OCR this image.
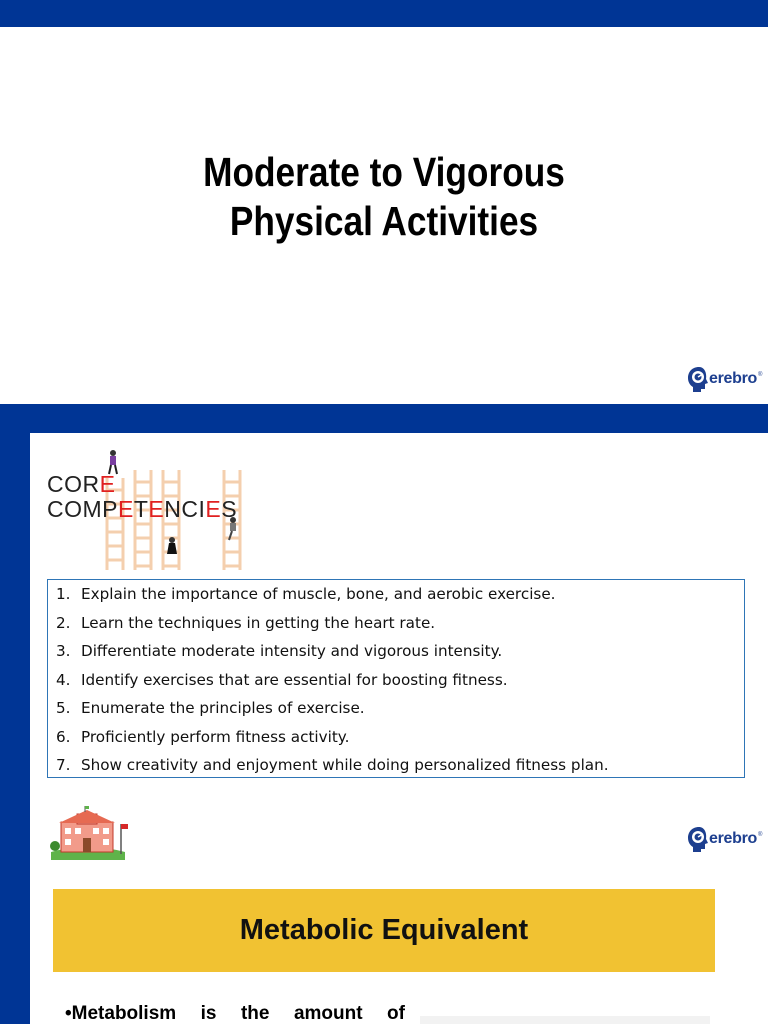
Moderate to Vigorous
Physical Activities
erebro ®
CORE
COMPETENCIES
1. Explain the importance of muscle, bone, and aerobic exercise.
2. Learn the techniques in getting the heart rate.
3. Differentiate moderate intensity and vigorous intensity.
4. Identify exercises that are essential for boosting fitness.
5. Enumerate the principles of exercise.
6. Proficiently perform fitness activity.
7. Show creativity and enjoyment while doing personalized fitness plan.
erebro ®
Metabolic Equivalent
•Metabolism is the amount of
